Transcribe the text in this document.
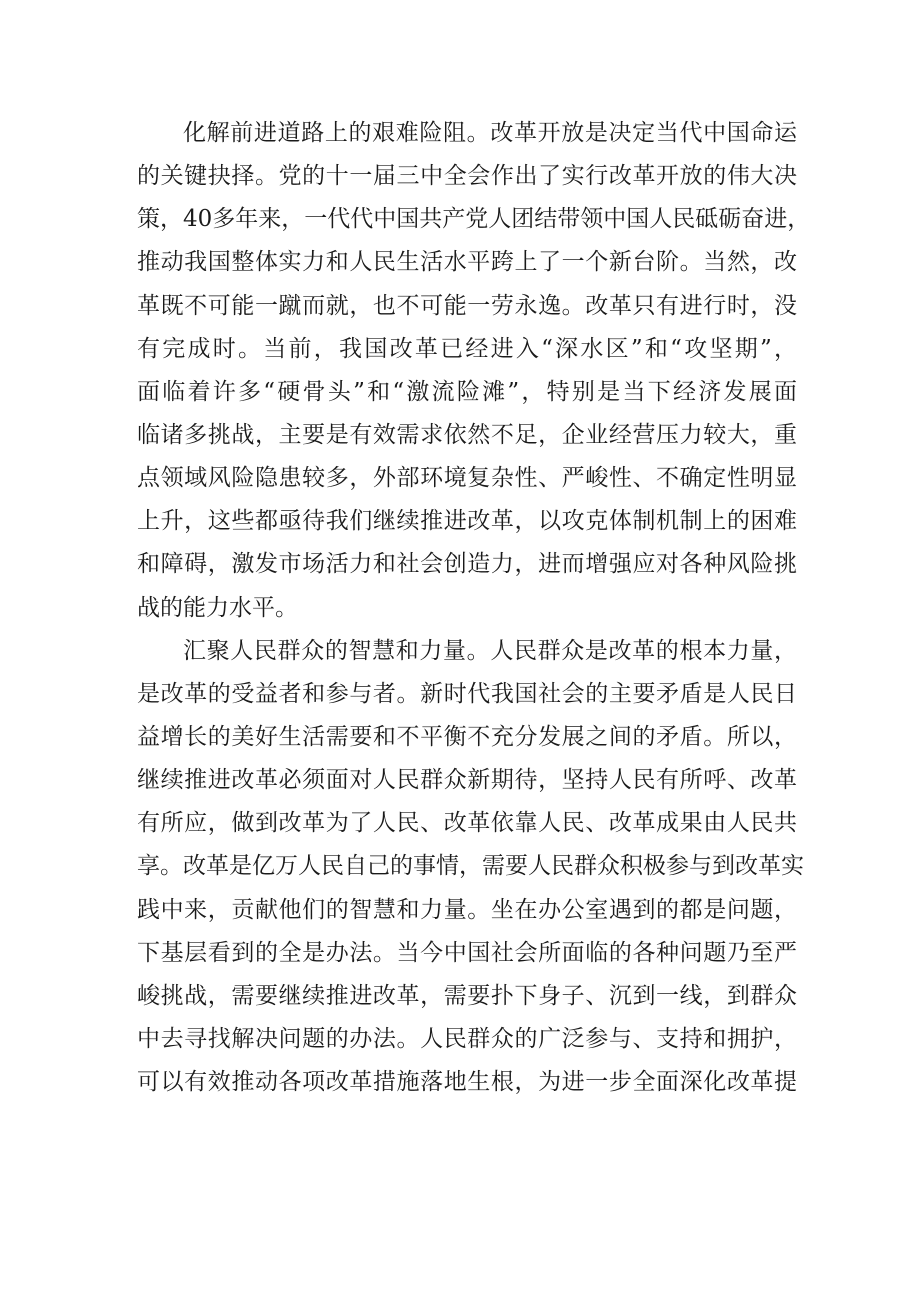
化解前进道路上的艰难险阻。改革开放是决定当代中国命运
的关键抉择。党的十一届三中全会作出了实行改革开放的伟大决
策，40多年来，一代代中国共产党人团结带领中国人民砥砺奋进，
推动我国整体实力和人民生活水平跨上了一个新台阶。当然，改
革既不可能一蹴而就，也不可能一劳永逸。改革只有进行时，没
有完成时。当前，我国改革已经进入“深水区”和“攻坚期”，
面临着许多“硬骨头”和“激流险滩”，特别是当下经济发展面
临诸多挑战，主要是有效需求依然不足，企业经营压力较大，重
点领域风险隐患较多，外部环境复杂性、严峻性、不确定性明显
上升，这些都亟待我们继续推进改革，以攻克体制机制上的困难
和障碍，激发市场活力和社会创造力，进而增强应对各种风险挑
战的能力水平。
汇聚人民群众的智慧和力量。人民群众是改革的根本力量，
是改革的受益者和参与者。新时代我国社会的主要矛盾是人民日
益增长的美好生活需要和不平衡不充分发展之间的矛盾。所以，
继续推进改革必须面对人民群众新期待，坚持人民有所呼、改革
有所应，做到改革为了人民、改革依靠人民、改革成果由人民共
享。改革是亿万人民自己的事情，需要人民群众积极参与到改革实
践中来，贡献他们的智慧和力量。坐在办公室遇到的都是问题，
下基层看到的全是办法。当今中国社会所面临的各种问题乃至严
峻挑战，需要继续推进改革，需要扑下身子、沉到一线，到群众
中去寻找解决问题的办法。人民群众的广泛参与、支持和拥护，
可以有效推动各项改革措施落地生根，为进一步全面深化改革提
